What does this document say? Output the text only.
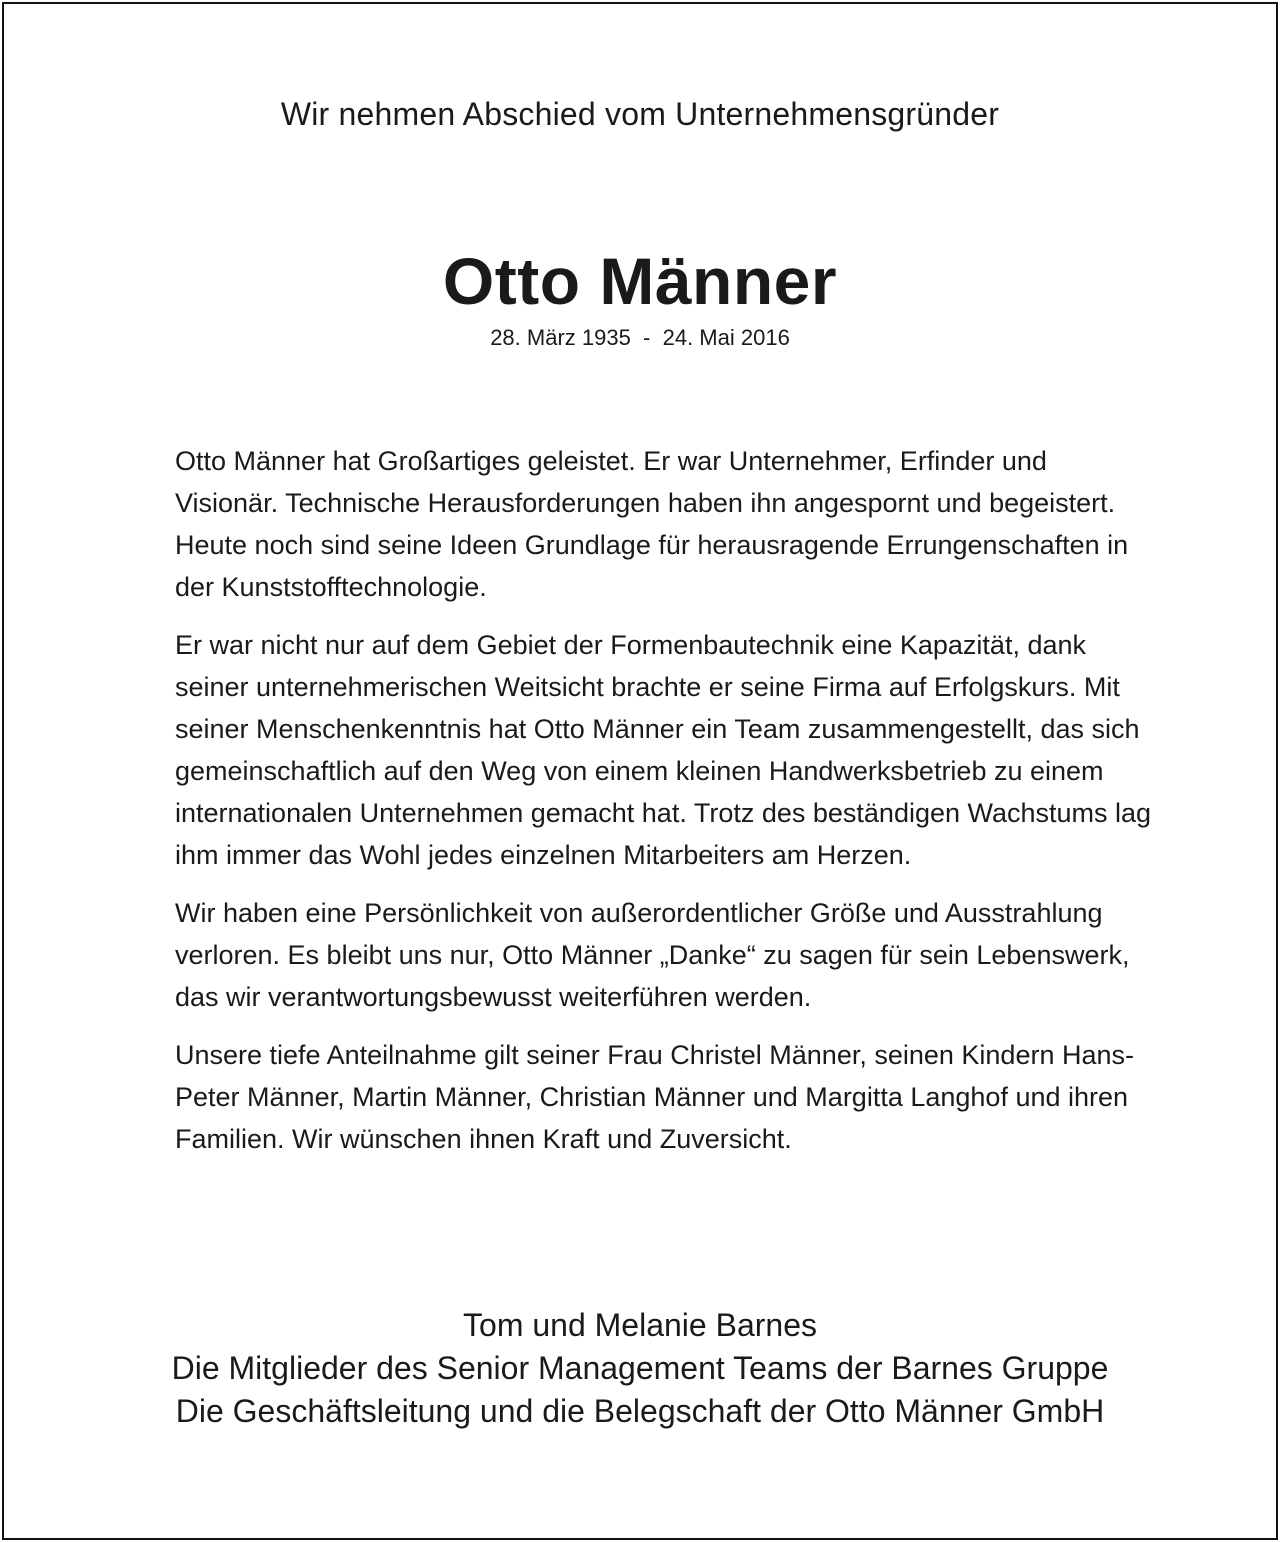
Wir nehmen Abschied vom Unternehmensgründer
Otto Männer
28. März 1935  -  24. Mai 2016

Otto Männer hat Großartiges geleistet. Er war Unternehmer, Erfinder und Visionär. Technische Herausforderungen haben ihn angespornt und begeistert. Heute noch sind seine Ideen Grundlage für herausragende Errungenschaften in der Kunststofftechnologie.

Er war nicht nur auf dem Gebiet der Formenbautechnik eine Kapazität, dank seiner unternehmerischen Weitsicht brachte er seine Firma auf Erfolgskurs. Mit seiner Menschenkenntnis hat Otto Männer ein Team zusammengestellt, das sich gemeinschaftlich auf den Weg von einem kleinen Handwerksbetrieb zu einem internationalen Unternehmen gemacht hat. Trotz des beständigen Wachstums lag ihm immer das Wohl jedes einzelnen Mitarbeiters am Herzen.

Wir haben eine Persönlichkeit von außerordentlicher Größe und Ausstrahlung verloren. Es bleibt uns nur, Otto Männer „Danke“ zu sagen für sein Lebenswerk, das wir verantwortungsbewusst weiterführen werden.

Unsere tiefe Anteilnahme gilt seiner Frau Christel Männer, seinen Kindern Hans-Peter Männer, Martin Männer, Christian Männer und Margitta Langhof und ihren Familien. Wir wünschen ihnen Kraft und Zuversicht.

Tom und Melanie Barnes
Die Mitglieder des Senior Management Teams der Barnes Gruppe
Die Geschäftsleitung und die Belegschaft der Otto Männer GmbH
